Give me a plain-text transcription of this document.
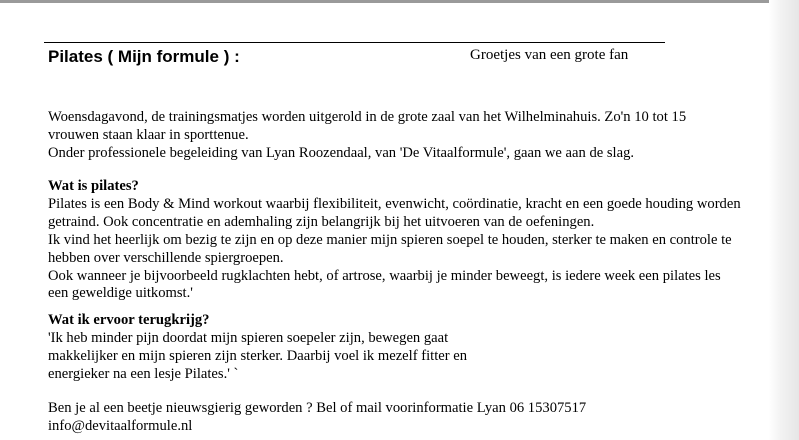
Pilates ( Mijn formule ) :	Groetjes van een grote fan
Woensdagavond, de trainingsmatjes worden uitgerold in de grote zaal van het Wilhelminahuis. Zo'n 10 tot 15
vrouwen staan klaar in sporttenue.
Onder professionele begeleiding van Lyan Roozendaal, van 'De Vitaalformule', gaan we aan de slag.
Wat is pilates?
Pilates is een Body & Mind workout waarbij flexibiliteit, evenwicht, coördinatie, kracht en een goede houding worden
getraind. Ook concentratie en ademhaling zijn belangrijk bij het uitvoeren van de oefeningen.
Ik vind het heerlijk om bezig te zijn en op deze manier mijn spieren soepel te houden, sterker te maken en controle te
hebben over verschillende spiergroepen.
Ook wanneer je bijvoorbeeld rugklachten hebt, of artrose, waarbij je minder beweegt, is iedere week een pilates les
een geweldige uitkomst.'
Wat ik ervoor terugkrijg?
'Ik heb minder pijn doordat mijn spieren soepeler zijn, bewegen gaat
makkelijker en mijn spieren zijn sterker. Daarbij voel ik mezelf fitter en
energieker na een lesje Pilates.' `
Ben je al een beetje nieuwsgierig geworden ? Bel of mail voorinformatie Lyan 06 15307517
info@devitaalformule.nl
